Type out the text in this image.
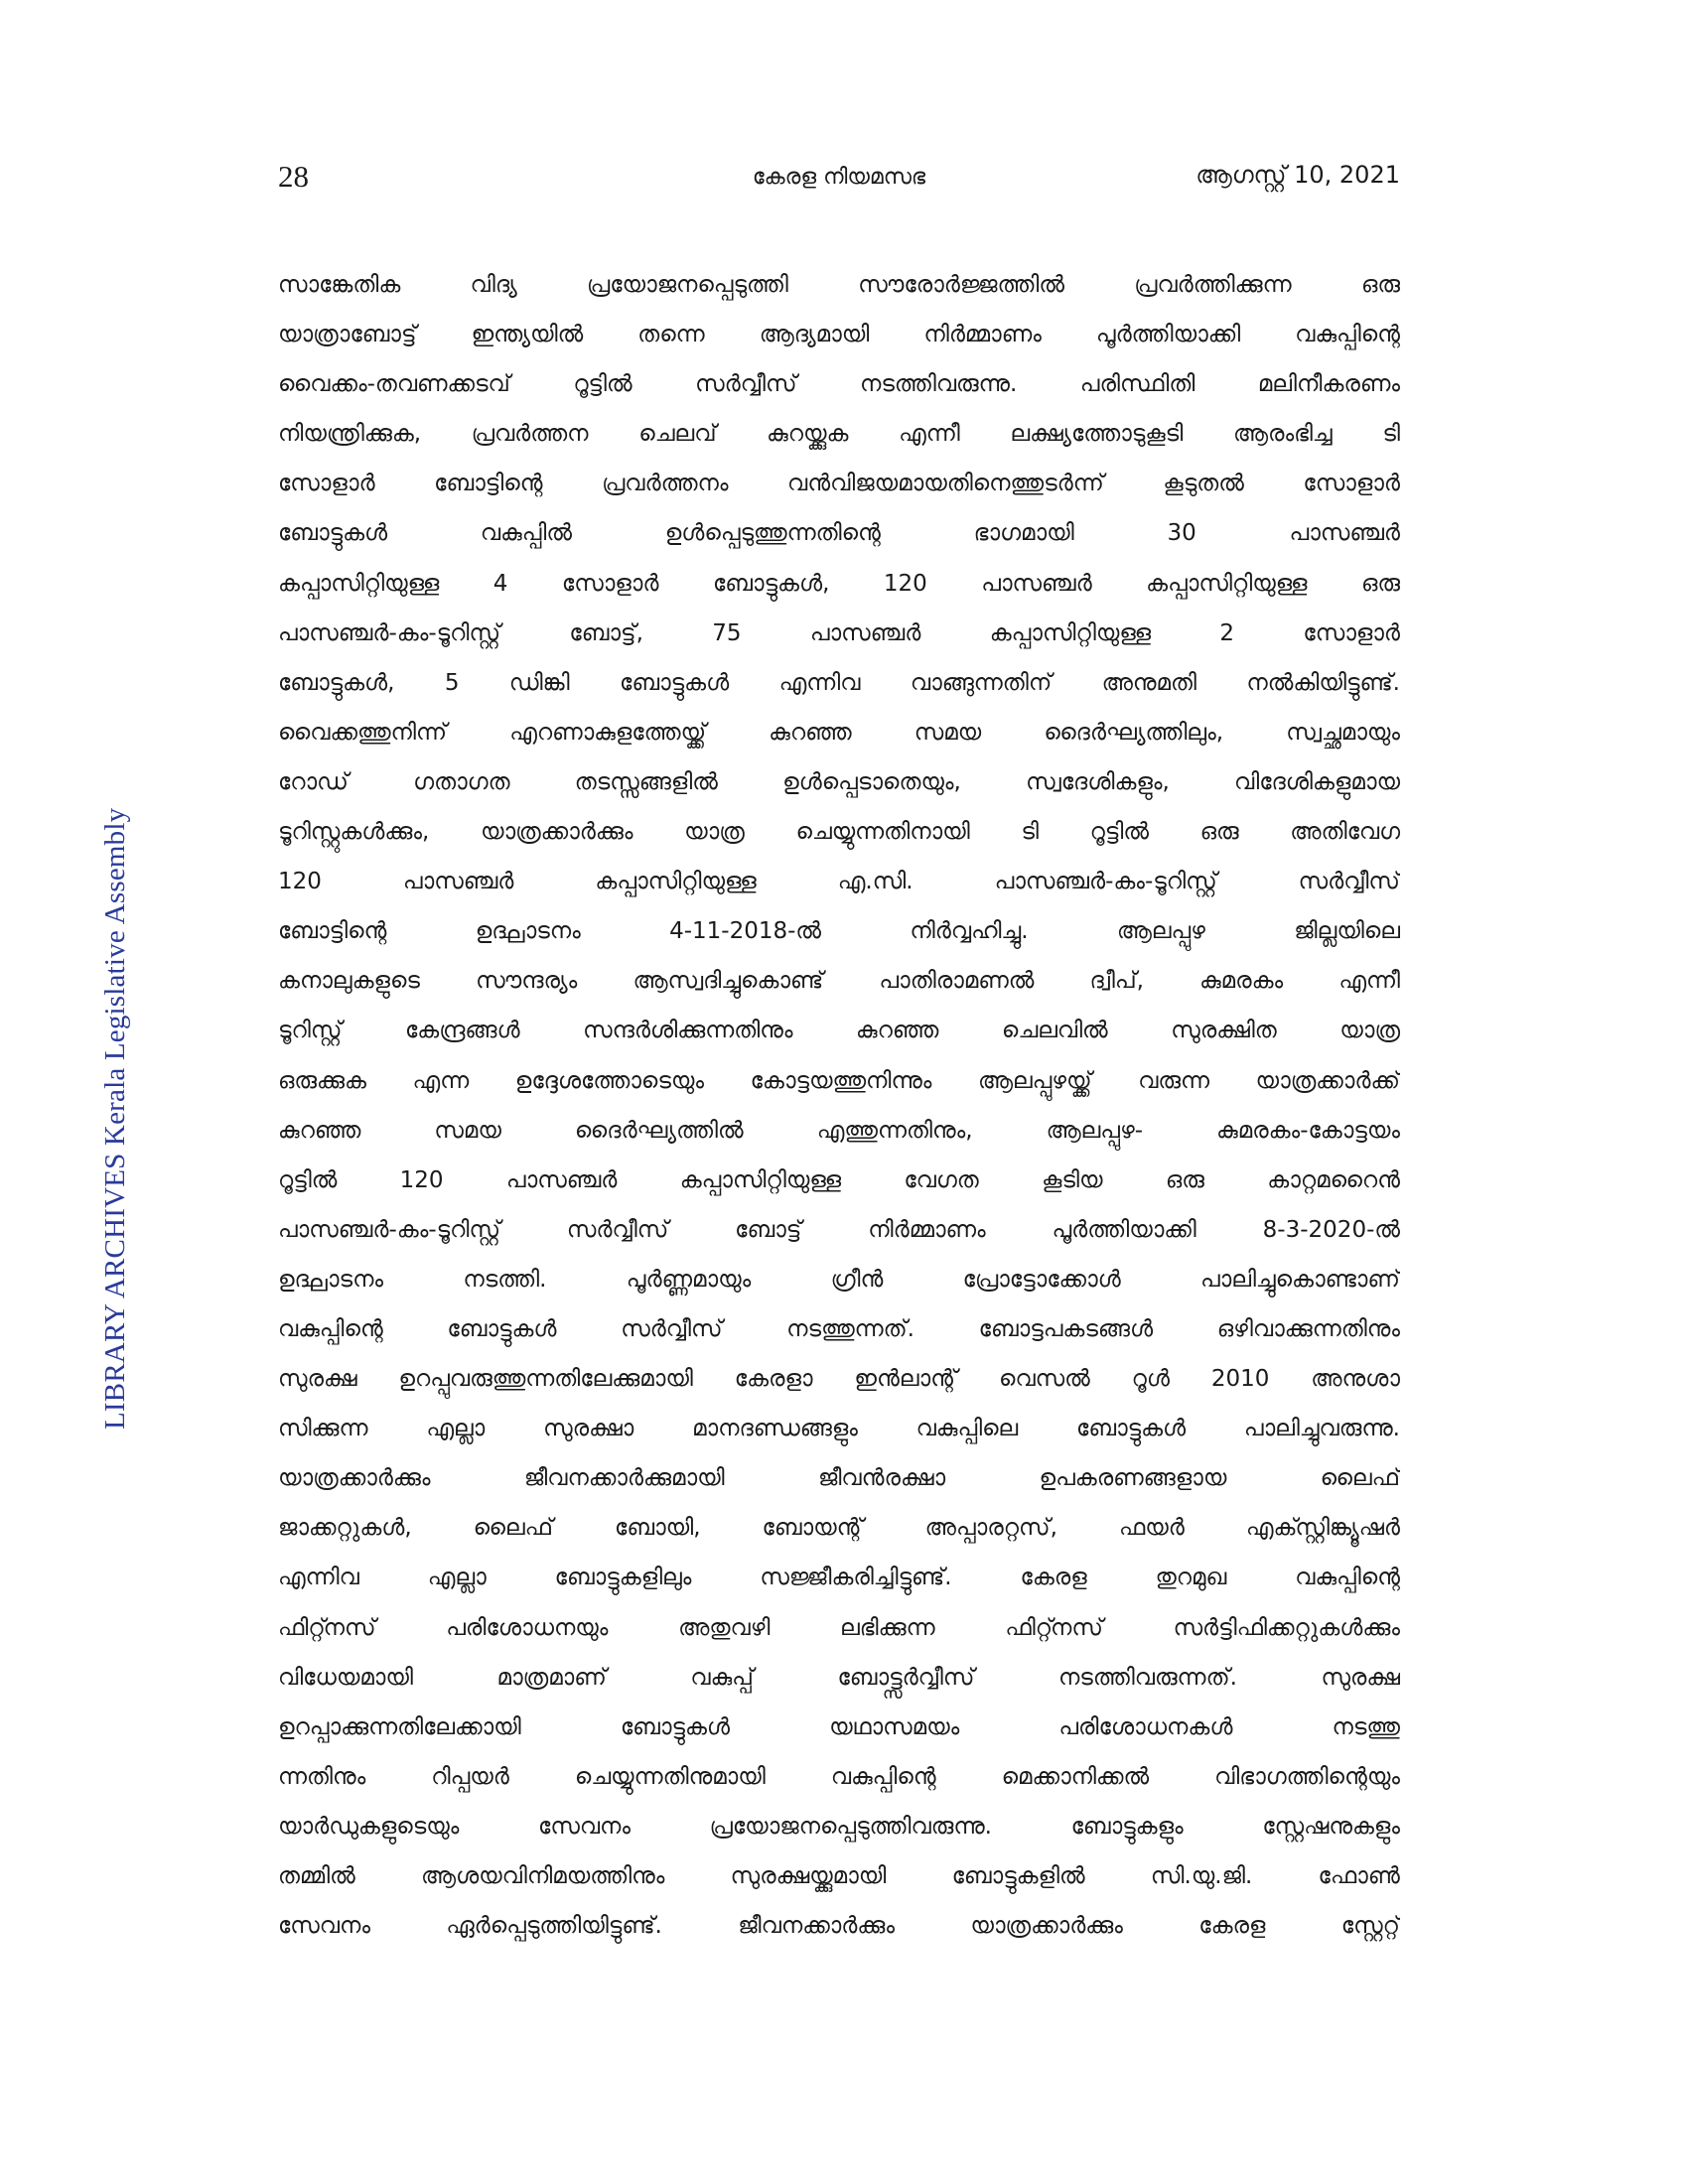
28	കേരള നിയമസഭ	ആഗസ്റ്റ് 10, 2021
LIBRARY ARCHIVES Kerala Legislative Assembly
സാങ്കേതിക വിദ്യ പ്രയോജനപ്പെടുത്തി സൗരോർജ്ജത്തിൽ പ്രവർത്തിക്കുന്ന ഒരു
യാത്രാബോട്ട് ഇന്ത്യയിൽ തന്നെ ആദ്യമായി നിർമ്മാണം പൂർത്തിയാക്കി വകുപ്പിന്റെ
വൈക്കം-തവണക്കടവ് റൂട്ടിൽ സർവ്വീസ് നടത്തിവരുന്നു. പരിസ്ഥിതി മലിനീകരണം
നിയന്ത്രിക്കുക, പ്രവർത്തന ചെലവ് കുറയ്ക്കുക എന്നീ ലക്ഷ്യത്തോടുകൂടി ആരംഭിച്ച ടി
സോളാർ ബോട്ടിന്റെ പ്രവർത്തനം വൻവിജയമായതിനെത്തുടർന്ന് കൂടുതൽ സോളാർ
ബോട്ടുകൾ വകുപ്പിൽ ഉൾപ്പെടുത്തുന്നതിന്റെ ഭാഗമായി 30 പാസഞ്ചർ
കപ്പാസിറ്റിയുള്ള 4 സോളാർ ബോട്ടുകൾ, 120 പാസഞ്ചർ കപ്പാസിറ്റിയുള്ള ഒരു
പാസഞ്ചർ-കം-ടൂറിസ്റ്റ് ബോട്ട്, 75 പാസഞ്ചർ കപ്പാസിറ്റിയുള്ള 2 സോളാർ
ബോട്ടുകൾ, 5 ഡിങ്കി ബോട്ടുകൾ എന്നിവ വാങ്ങുന്നതിന് അനുമതി നൽകിയിട്ടുണ്ട്.
വൈക്കത്തുനിന്ന് എറണാകുളത്തേയ്ക്ക് കുറഞ്ഞ സമയ ദൈർഘ്യത്തിലും, സ്വച്ഛമായും
റോഡ് ഗതാഗത തടസ്സങ്ങളിൽ ഉൾപ്പെടാതെയും, സ്വദേശികളും, വിദേശികളുമായ
ടൂറിസ്റ്റുകൾക്കും, യാത്രക്കാർക്കും യാത്ര ചെയ്യുന്നതിനായി ടി റൂട്ടിൽ ഒരു അതിവേഗ
120 പാസഞ്ചർ കപ്പാസിറ്റിയുള്ള എ.സി. പാസഞ്ചർ-കം-ടൂറിസ്റ്റ് സർവ്വീസ്
ബോട്ടിന്റെ ഉദ്ഘാടനം 4-11-2018-ൽ നിർവ്വഹിച്ചു. ആലപ്പുഴ ജില്ലയിലെ
കനാലുകളുടെ സൗന്ദര്യം ആസ്വദിച്ചുകൊണ്ട് പാതിരാമണൽ ദ്വീപ്, കുമരകം എന്നീ
ടൂറിസ്റ്റ് കേന്ദ്രങ്ങൾ സന്ദർശിക്കുന്നതിനും കുറഞ്ഞ ചെലവിൽ സുരക്ഷിത യാത്ര
ഒരുക്കുക എന്ന ഉദ്ദേശത്തോടെയും കോട്ടയത്തുനിന്നും ആലപ്പുഴയ്ക്ക് വരുന്ന യാത്രക്കാർക്ക്
കുറഞ്ഞ സമയ ദൈർഘ്യത്തിൽ എത്തുന്നതിനും, ആലപ്പുഴ- കുമരകം-കോട്ടയം
റൂട്ടിൽ 120 പാസഞ്ചർ കപ്പാസിറ്റിയുള്ള വേഗത കൂടിയ ഒരു കാറ്റമറൈൻ
പാസഞ്ചർ-കം-ടൂറിസ്റ്റ് സർവ്വീസ് ബോട്ട് നിർമ്മാണം പൂർത്തിയാക്കി 8-3-2020-ൽ
ഉദ്ഘാടനം നടത്തി. പൂർണ്ണമായും ഗ്രീൻ പ്രോട്ടോക്കോൾ പാലിച്ചുകൊണ്ടാണ്
വകുപ്പിന്റെ ബോട്ടുകൾ സർവ്വീസ് നടത്തുന്നത്. ബോട്ടപകടങ്ങൾ ഒഴിവാക്കുന്നതിനും
സുരക്ഷ ഉറപ്പുവരുത്തുന്നതിലേക്കുമായി കേരളാ ഇൻലാന്റ് വെസൽ റൂൾ 2010 അനുശാ
സിക്കുന്ന എല്ലാ സുരക്ഷാ മാനദണ്ഡങ്ങളും വകുപ്പിലെ ബോട്ടുകൾ പാലിച്ചുവരുന്നു.
യാത്രക്കാർക്കും ജീവനക്കാർക്കുമായി ജീവൻരക്ഷാ ഉപകരണങ്ങളായ ലൈഫ്
ജാക്കറ്റുകൾ, ലൈഫ് ബോയി, ബോയന്റ് അപ്പാരറ്റസ്, ഫയർ എക്സ്റ്റിങ്ക്യൂഷർ
എന്നിവ എല്ലാ ബോട്ടുകളിലും സജ്ജീകരിച്ചിട്ടുണ്ട്. കേരള തുറമുഖ വകുപ്പിന്റെ
ഫിറ്റ്നസ് പരിശോധനയും അതുവഴി ലഭിക്കുന്ന ഫിറ്റ്നസ് സർട്ടിഫിക്കറ്റുകൾക്കും
വിധേയമായി മാത്രമാണ് വകുപ്പ് ബോട്ട്സർവ്വീസ് നടത്തിവരുന്നത്. സുരക്ഷ
ഉറപ്പാക്കുന്നതിലേക്കായി ബോട്ടുകൾ യഥാസമയം പരിശോധനകൾ നടത്തു
ന്നതിനും റിപ്പയർ ചെയ്യുന്നതിനുമായി വകുപ്പിന്റെ മെക്കാനിക്കൽ വിഭാഗത്തിന്റെയും
യാർഡുകളുടെയും സേവനം പ്രയോജനപ്പെടുത്തിവരുന്നു. ബോട്ടുകളും സ്റ്റേഷനുകളും
തമ്മിൽ ആശയവിനിമയത്തിനും സുരക്ഷയ്ക്കുമായി ബോട്ടുകളിൽ സി.യു.ജി. ഫോൺ
സേവനം ഏർപ്പെടുത്തിയിട്ടുണ്ട്. ജീവനക്കാർക്കും യാത്രക്കാർക്കും കേരള സ്റ്റേറ്റ്
